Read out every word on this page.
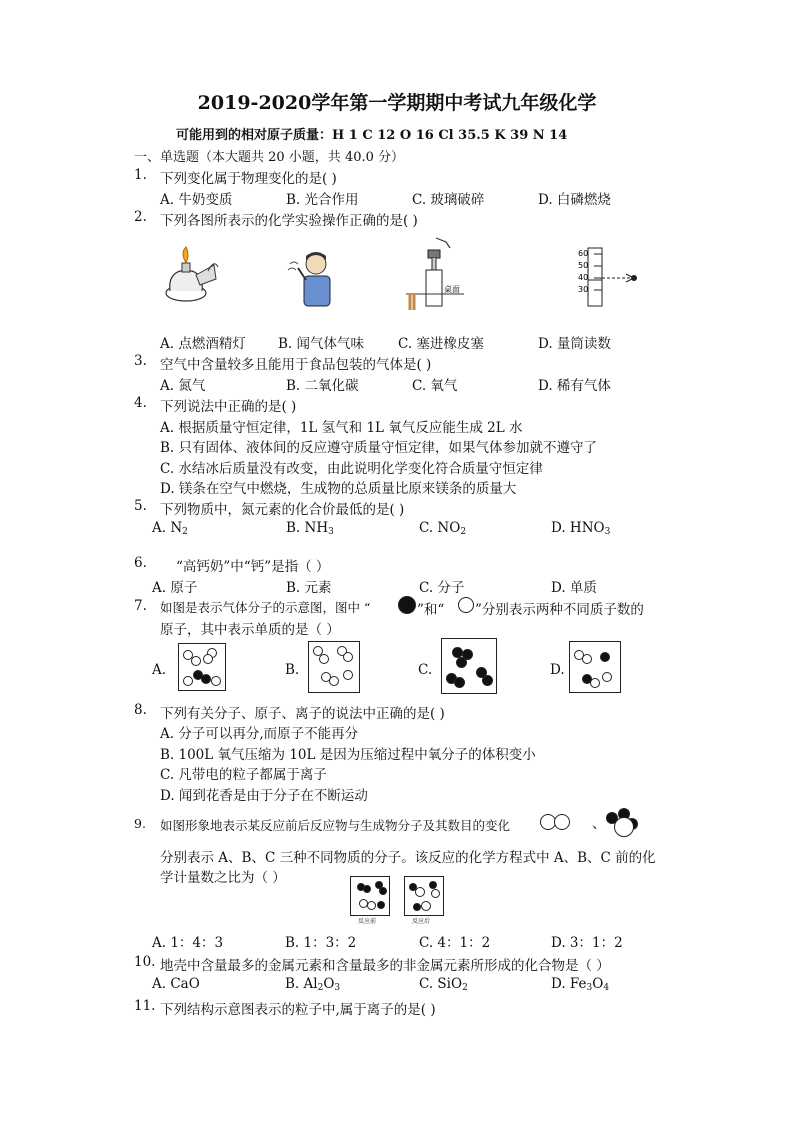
2019-2020学年第一学期期中考试九年级化学
可能用到的相对原子质量：H 1 C 12 O 16 Cl 35.5 K 39 N 14
一、单选题（本大题共 20 小题，共 40.0 分）
1. 下列变化属于物理变化的是( )
A. 牛奶变质	B. 光合作用	C. 玻璃破碎	D. 白磷燃烧
2. 下列各图所表示的化学实验操作正确的是( )
桌面
60
50
40
30
A. 点燃酒精灯 B. 闻气体气味	C. 塞进橡皮塞	D. 量筒读数
3. 空气中含量较多且能用于食品包装的气体是( )
A. 氮气	B. 二氧化碳	C. 氧气	D. 稀有气体
4. 下列说法中正确的是( )
A. 根据质量守恒定律，1L 氢气和 1L 氧气反应能生成 2L 水
B. 只有固体、液体间的反应遵守质量守恒定律，如果气体参加就不遵守了
C. 水结冰后质量没有改变，由此说明化学变化符合质量守恒定律
D. 镁条在空气中燃烧，生成物的总质量比原来镁条的质量大
5. 下列物质中，氮元素的化合价最低的是( )
A. $N_2$	B. $NH_3$	C. $NO_2$	D. $HNO_3$
6. “高钙奶”中“钙”是指（ ）
A. 原子	B. 元素	C. 分子	D. 单质
7. 如图是表示气体分子的示意图，图中 “	”和“ ”分别表示两种不同质子数的
原子，其中表示单质的是（ ）
A.	B.	C.	D.
8. 下列有关分子、原子、离子的说法中正确的是( )
A. 分子可以再分,而原子不能再分
B. 100L 氧气压缩为 10L 是因为压缩过程中氧分子的体积变小
C. 凡带电的粒子都属于离子
D. 闻到花香是由于分子在不断运动
9. 如图形象地表示某反应前后反应物与生成物分子及其数目的变化	、
分别表示 A、B、C 三种不同物质的分子。该反应的化学方程式中 A、B、C 前的化
学计量数之比为（ ）
反应前	反应后
A. 1：4：3	B. 1：3：2	C. 4：1：2	D. 3：1：2
10. 地壳中含量最多的金属元素和含量最多的非金属元素所形成的化合物是（ ）
A. CaO	B. $Al_2O_3$	C. SiO$_2$	D. $Fe_3O_4$
11. 下列结构示意图表示的粒子中,属于离子的是( )
